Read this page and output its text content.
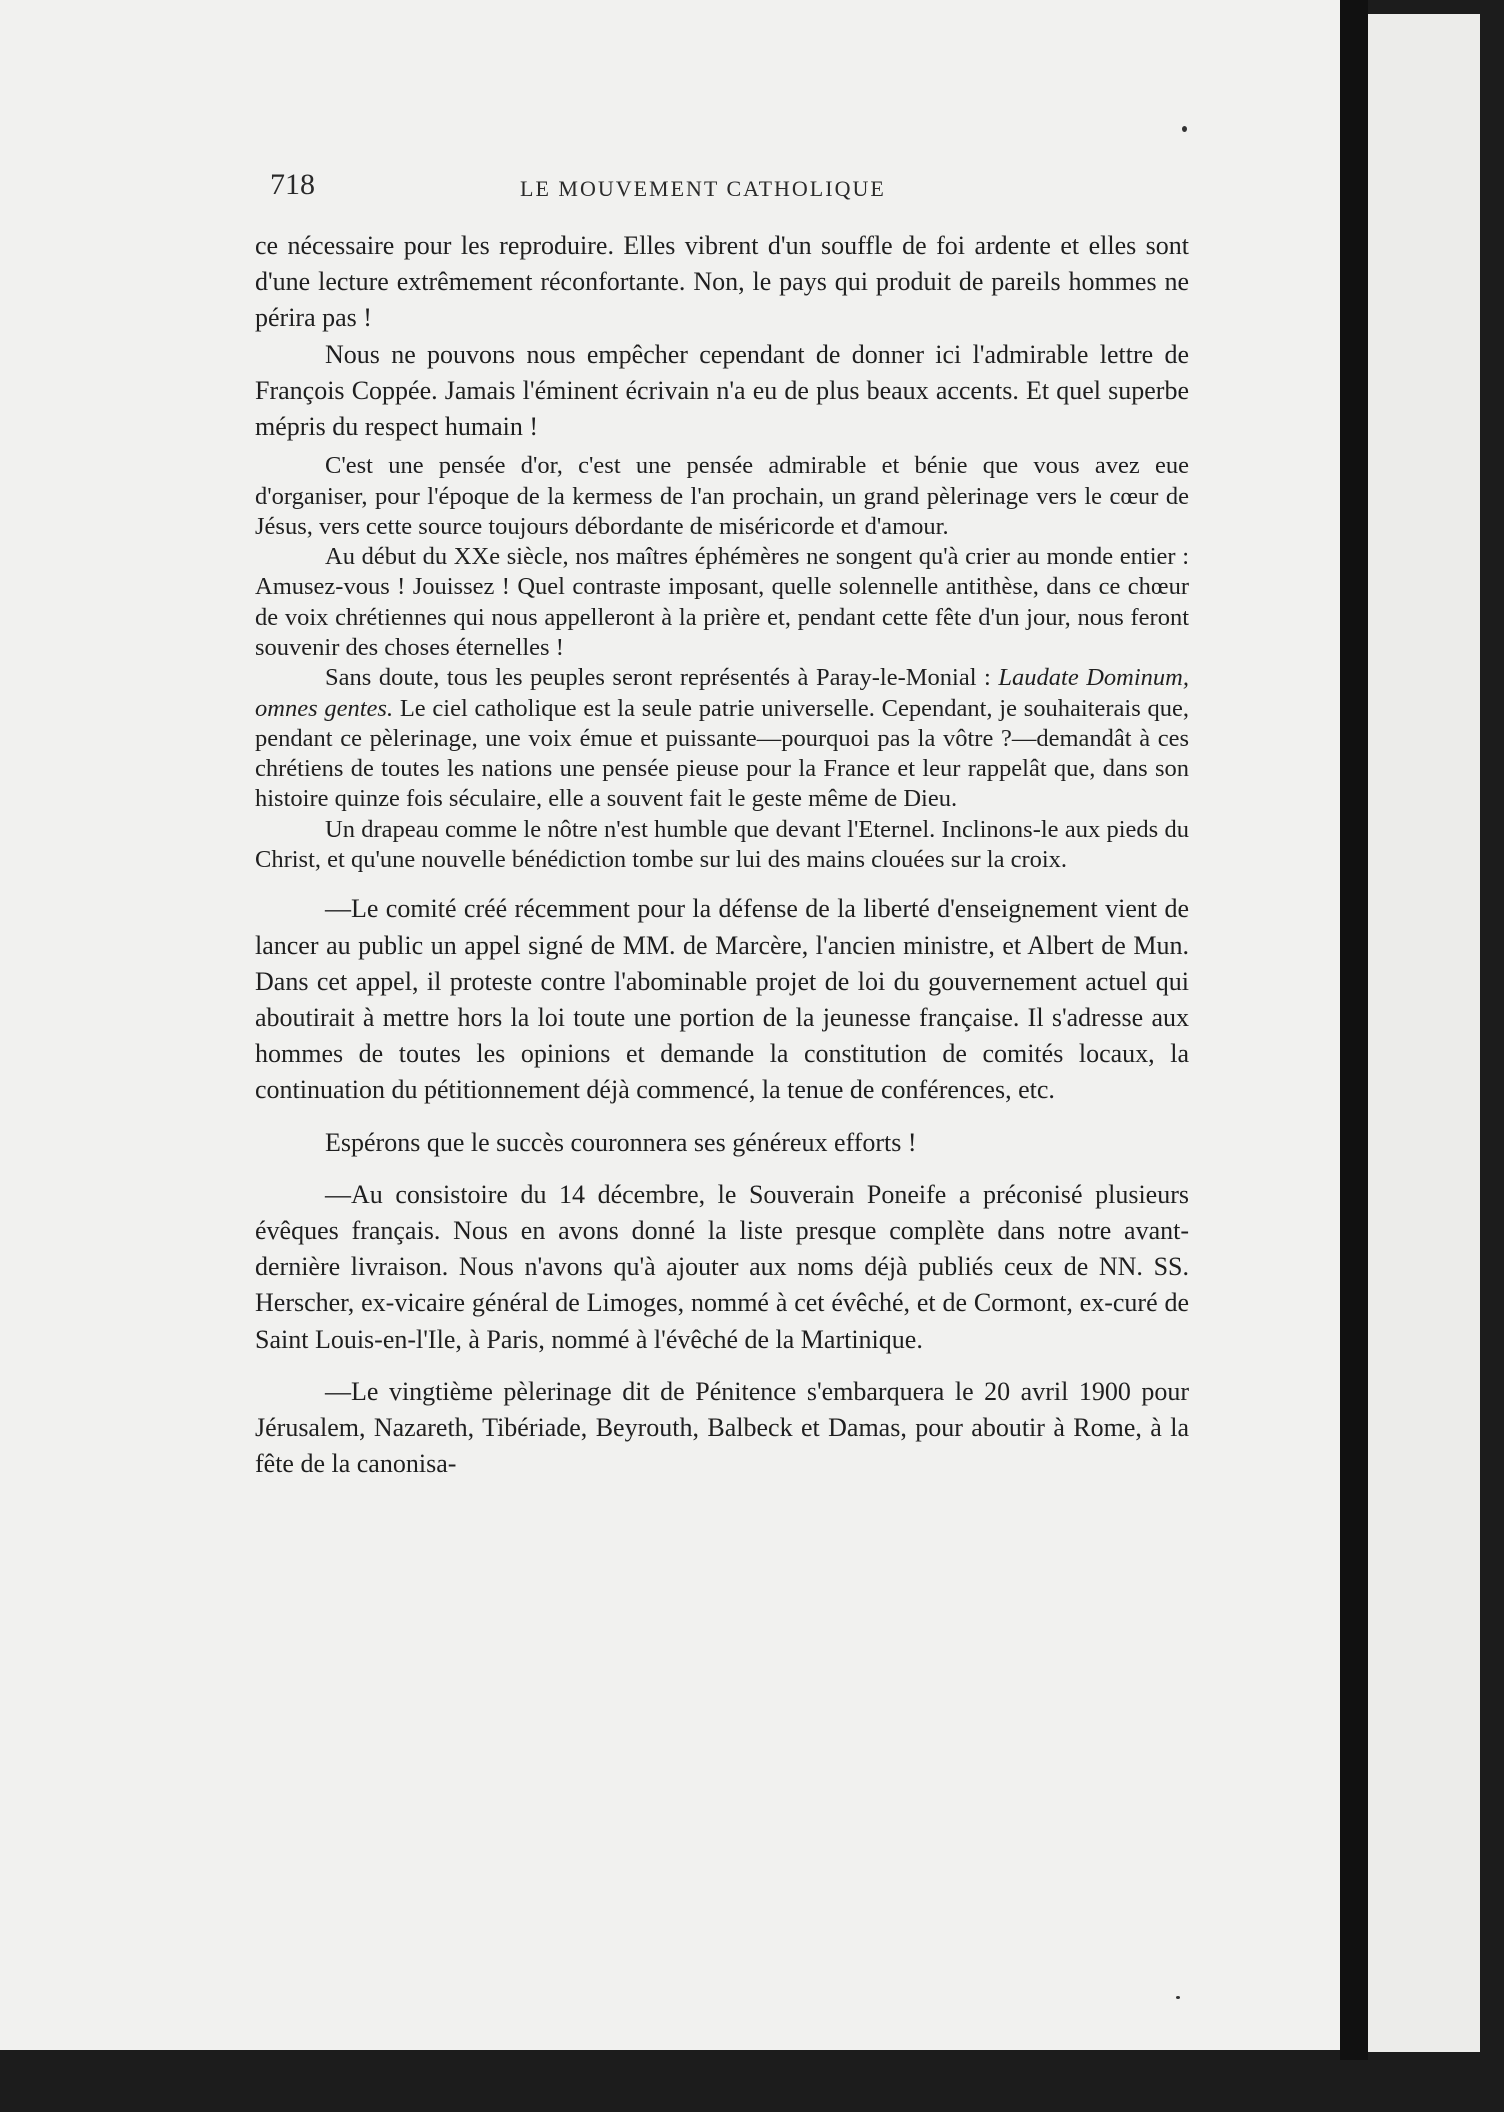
718	LE MOUVEMENT CATHOLIQUE

ce nécessaire pour les reproduire. Elles vibrent d'un souffle de foi ardente et elles sont d'une lecture extrêmement réconfortante. Non, le pays qui produit de pareils hommes ne périra pas !

Nous ne pouvons nous empêcher cependant de donner ici l'admirable lettre de François Coppée. Jamais l'éminent écrivain n'a eu de plus beaux accents. Et quel superbe mépris du respect humain !

C'est une pensée d'or, c'est une pensée admirable et bénie que vous avez eue d'organiser, pour l'époque de la kermess de l'an prochain, un grand pèlerinage vers le cœur de Jésus, vers cette source toujours débordante de miséricorde et d'amour.

Au début du XXe siècle, nos maîtres éphémères ne songent qu'à crier au monde entier : Amusez-vous ! Jouissez ! Quel contraste imposant, quelle solennelle antithèse, dans ce chœur de voix chrétiennes qui nous appelleront à la prière et, pendant cette fête d'un jour, nous feront souvenir des choses éternelles !

Sans doute, tous les peuples seront représentés à Paray-le-Monial : Laudate Dominum, omnes gentes. Le ciel catholique est la seule patrie universelle. Cependant, je souhaiterais que, pendant ce pèlerinage, une voix émue et puissante—pourquoi pas la vôtre ?—demandât à ces chrétiens de toutes les nations une pensée pieuse pour la France et leur rappelât que, dans son histoire quinze fois séculaire, elle a souvent fait le geste même de Dieu.

Un drapeau comme le nôtre n'est humble que devant l'Eternel. Inclinons-le aux pieds du Christ, et qu'une nouvelle bénédiction tombe sur lui des mains clouées sur la croix.

—Le comité créé récemment pour la défense de la liberté d'enseignement vient de lancer au public un appel signé de MM. de Marcère, l'ancien ministre, et Albert de Mun. Dans cet appel, il proteste contre l'abominable projet de loi du gouvernement actuel qui aboutirait à mettre hors la loi toute une portion de la jeunesse française. Il s'adresse aux hommes de toutes les opinions et demande la constitution de comités locaux, la continuation du pétitionnement déjà commencé, la tenue de conférences, etc.

Espérons que le succès couronnera ses généreux efforts !

—Au consistoire du 14 décembre, le Souverain Poneife a préconisé plusieurs évêques français. Nous en avons donné la liste presque complète dans notre avant-dernière livraison. Nous n'avons qu'à ajouter aux noms déjà publiés ceux de NN. SS. Herscher, ex-vicaire général de Limoges, nommé à cet évêché, et de Cormont, ex-curé de Saint Louis-en-l'Ile, à Paris, nommé à l'évêché de la Martinique.

—Le vingtième pèlerinage dit de Pénitence s'embarquera le 20 avril 1900 pour Jérusalem, Nazareth, Tibériade, Beyrouth, Balbeck et Damas, pour aboutir à Rome, à la fête de la canonisa-
